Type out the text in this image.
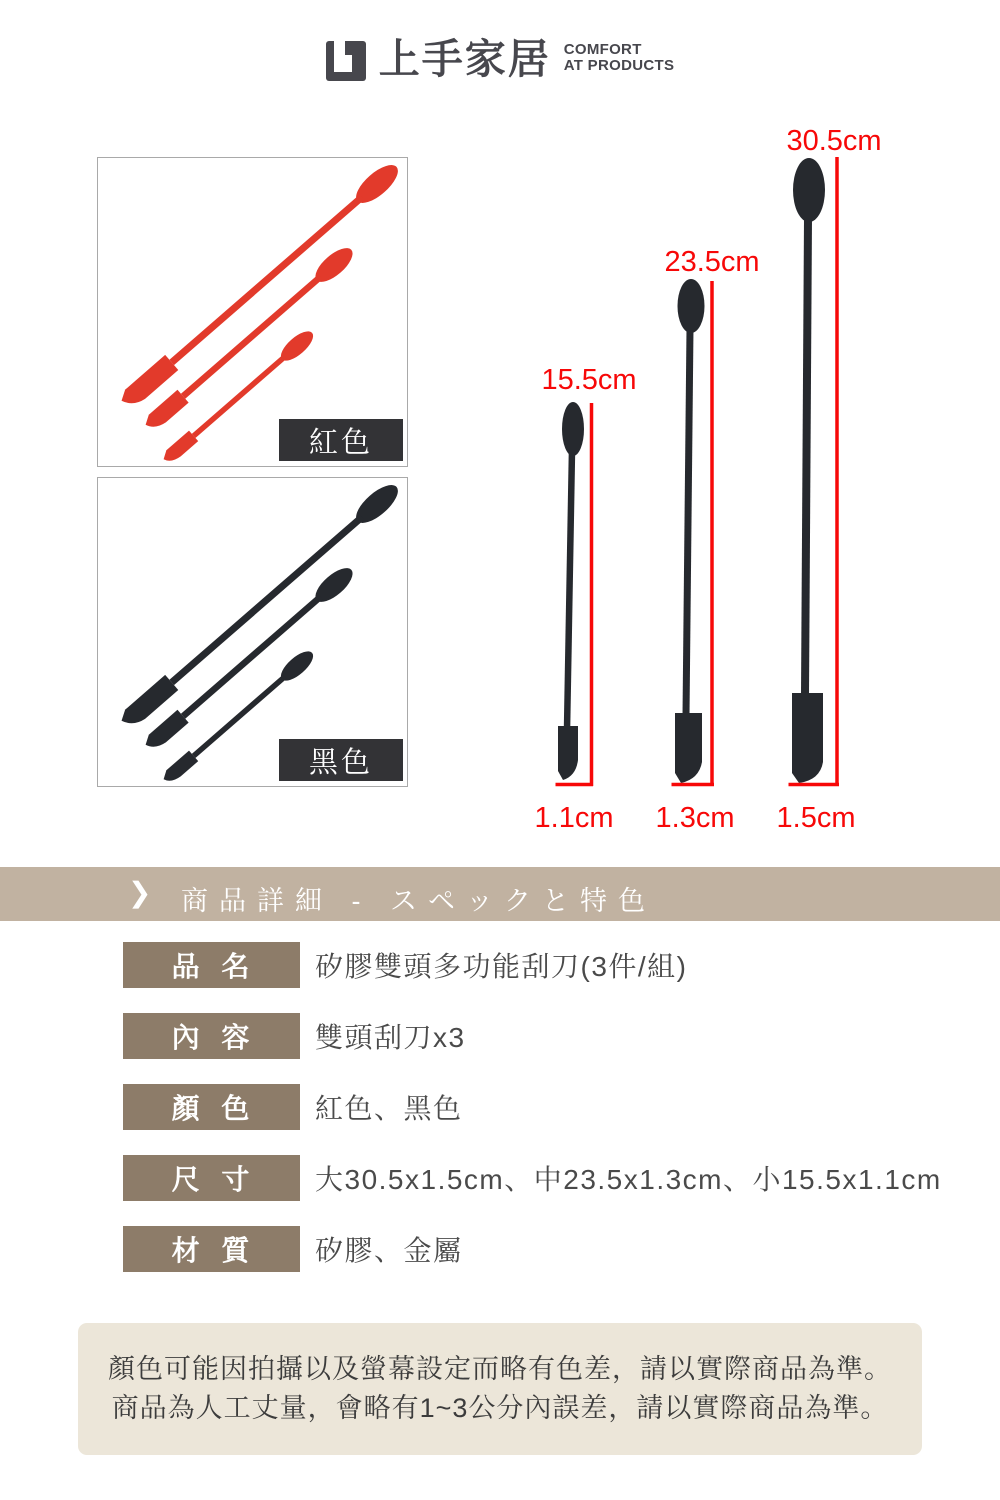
上手家居 COMFORT
AT PRODUCTS
紅色
黑色
15.5cm
23.5cm
30.5cm
1.1cm 1.3cm 1.5cm
❯ 商品詳細 - スペックと特色
品 名	矽膠雙頭多功能刮刀(3件/組)
內 容	雙頭刮刀x3
顏 色	紅色、黑色
尺 寸	大30.5x1.5cm、中23.5x1.3cm、小15.5x1.1cm
材 質	矽膠、金屬
顏色可能因拍攝以及螢幕設定而略有色差，請以實際商品為準。
商品為人工丈量，會略有1~3公分內誤差，請以實際商品為準。
